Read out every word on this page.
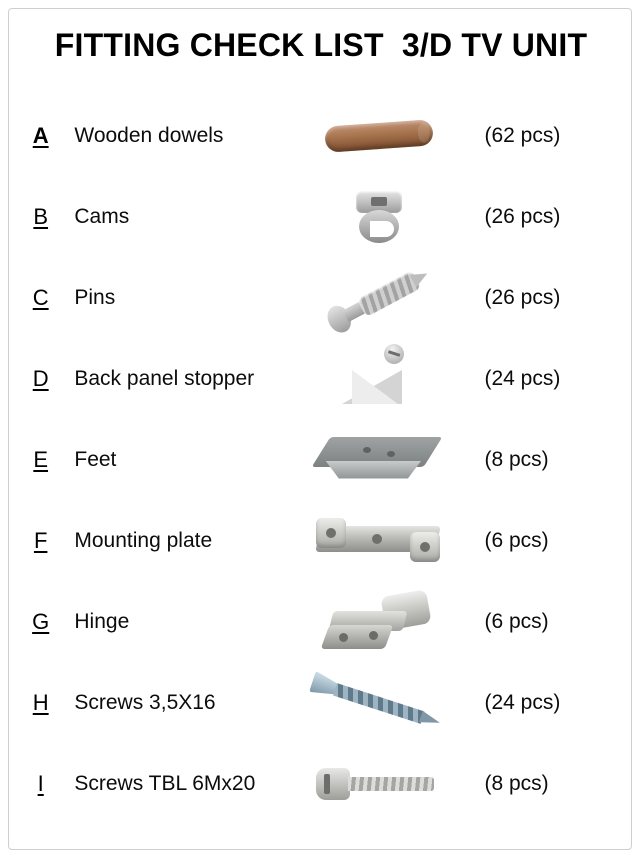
FITTING CHECK LIST  3/D TV UNIT
A	Wooden dowels	(62 pcs)
B	Cams	(26 pcs)
C	Pins	(26 pcs)
D	Back panel stopper	(24 pcs)
E	Feet	(8 pcs)
F	Mounting plate	(6 pcs)
G	Hinge	(6 pcs)
H	Screws 3,5X16	(24 pcs)
I	Screws TBL 6Mx20	(8 pcs)
